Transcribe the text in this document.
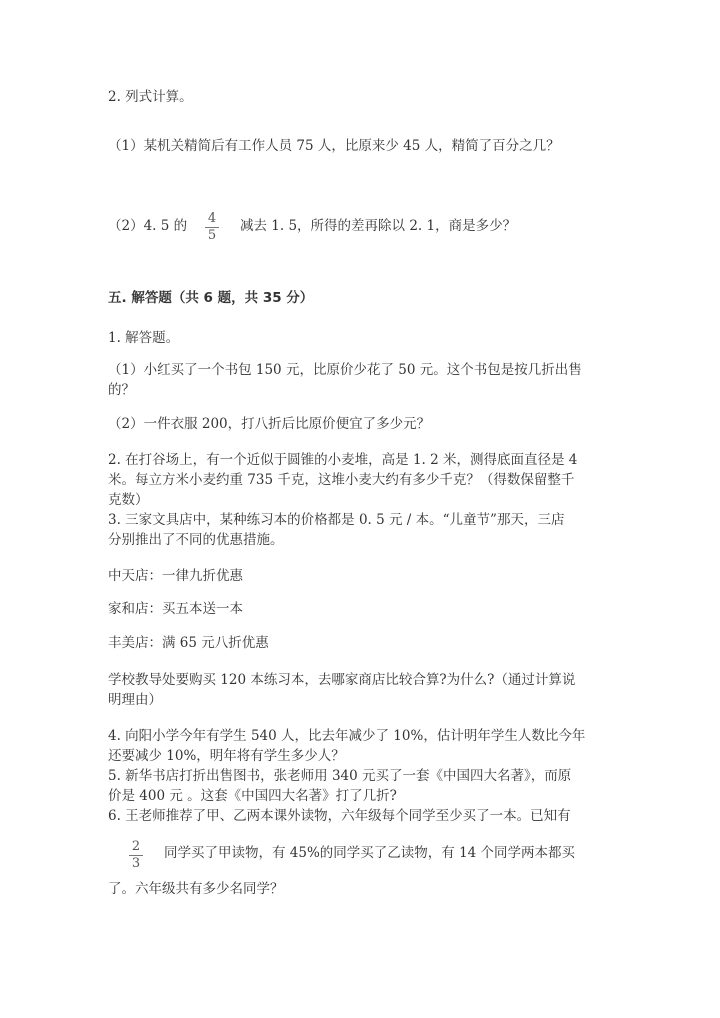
2. 列式计算。
（1）某机关精简后有工作人员 75 人，比原来少 45 人，精简了百分之几？
（2）4. 5 的 4
5
减去 1. 5，所得的差再除以 2. 1，商是多少？
五. 解答题（共 6 题，共 35 分）
1. 解答题。
（1）小红买了一个书包 150 元，比原价少花了 50 元。这个书包是按几折出售
的？
（2）一件衣服 200，打八折后比原价便宜了多少元？
2. 在打谷场上，有一个近似于圆锥的小麦堆，高是 1. 2 米，测得底面直径是 4
米。每立方米小麦约重 735 千克，这堆小麦大约有多少千克？（得数保留整千
克数）
3. 三家文具店中，某种练习本的价格都是 0. 5 元 / 本。“儿童节”那天，三店
分别推出了不同的优惠措施。
中天店：一律九折优惠
家和店：买五本送一本
丰美店：满 65 元八折优惠
学校教导处要购买 120 本练习本，去哪家商店比较合算?为什么?（通过计算说
明理由）
4. 向阳小学今年有学生 540 人，比去年减少了 10%，估计明年学生人数比今年
还要减少 10%，明年将有学生多少人？
5. 新华书店打折出售图书，张老师用 340 元买了一套《中国四大名著》，而原
价是 400 元 。这套《中国四大名著》打了几折?
6. 王老师推荐了甲、乙两本课外读物，六年级每个同学至少买了一本。已知有
2
3
同学买了甲读物，有 45%的同学买了乙读物，有 14 个同学两本都买
了。六年级共有多少名同学？
